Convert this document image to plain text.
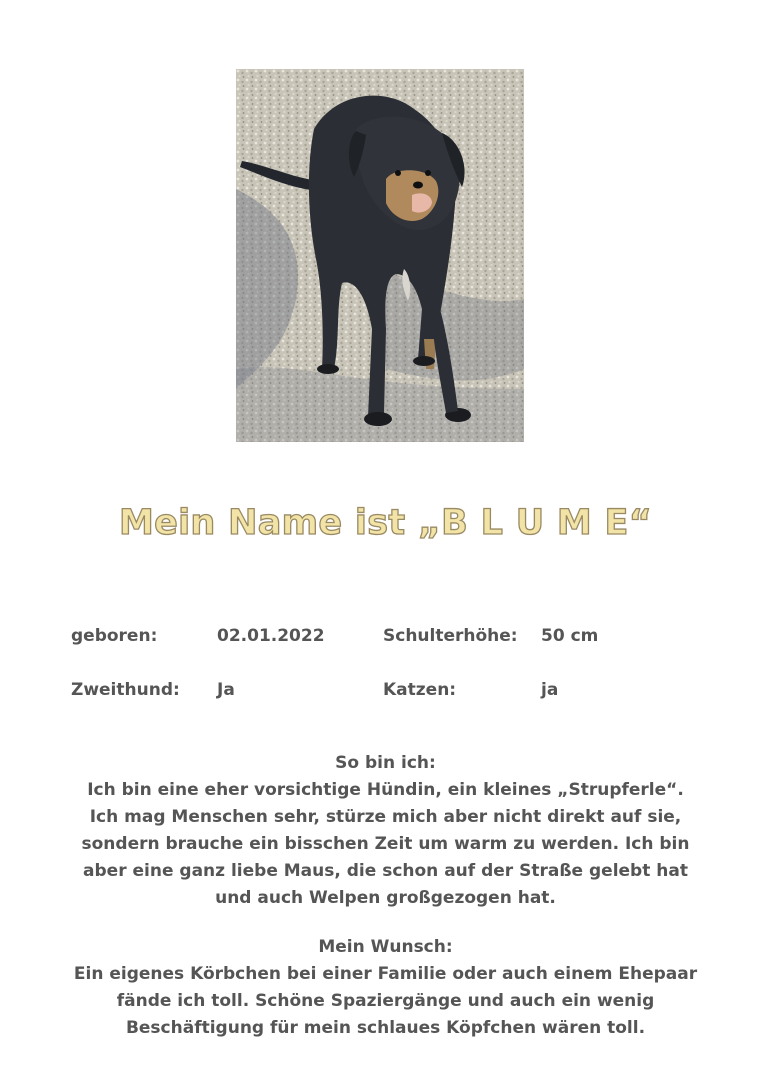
Mein Name ist „B L U M E“
geboren:	02.01.2022	Schulterhöhe: 50 cm
Zweithund: Ja	Katzen:	ja
So bin ich:
Ich bin eine eher vorsichtige Hündin, ein kleines „Strupferle“.
Ich mag Menschen sehr, stürze mich aber nicht direkt auf sie,
sondern brauche ein bisschen Zeit um warm zu werden. Ich bin
aber eine ganz liebe Maus, die schon auf der Straße gelebt hat
und auch Welpen großgezogen hat.
Mein Wunsch:
Ein eigenes Körbchen bei einer Familie oder auch einem Ehepaar
fände ich toll. Schöne Spaziergänge und auch ein wenig
Beschäftigung für mein schlaues Köpfchen wären toll.
